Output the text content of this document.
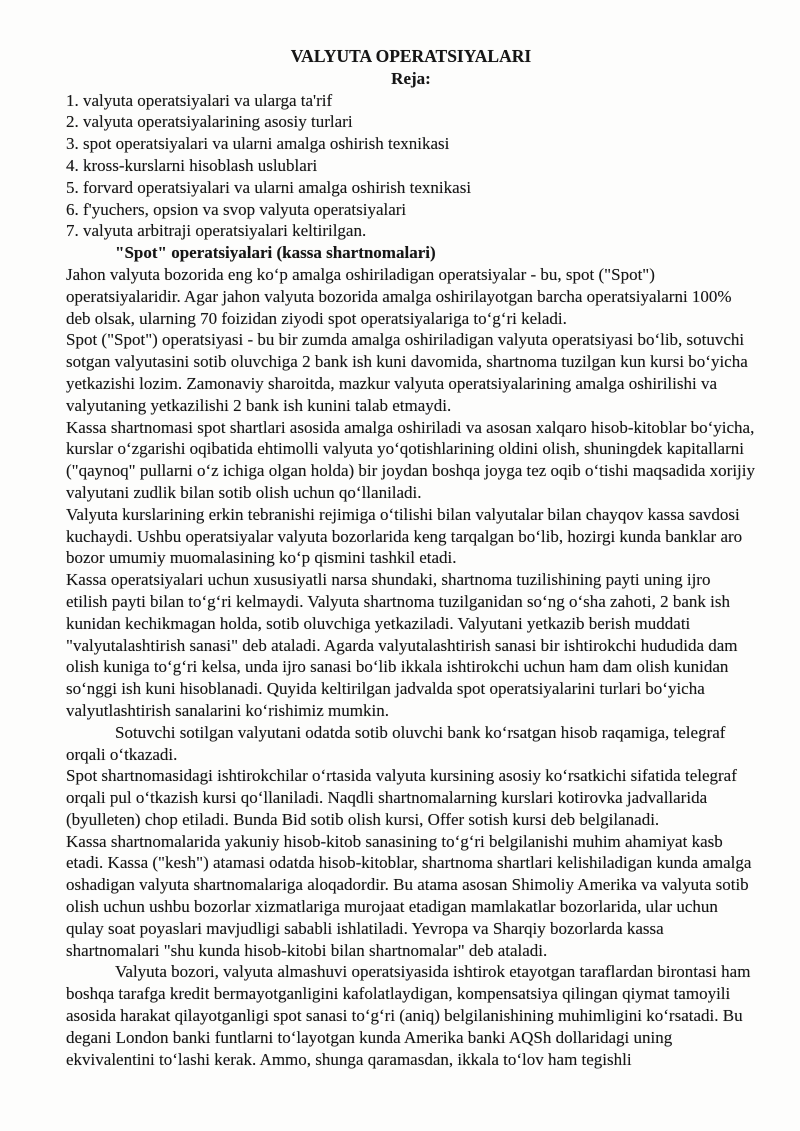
VALYUTA OPERATSIYALARI
Reja:
1. valyuta operatsiyalari va ularga ta'rif
2. valyuta operatsiyalarining asosiy turlari
3. spot operatsiyalari va ularni amalga oshirish texnikasi
4. kross-kurslarni hisoblash uslublari
5. forvard operatsiyalari va ularni amalga oshirish texnikasi
6. f'yuchers, opsion va svop valyuta operatsiyalari
7. valyuta arbitraji operatsiyalari keltirilgan.
"Spot" operatsiyalari (kassa shartnomalari)

Jahon valyuta bozorida eng koʻp amalga oshiriladigan operatsiyalar - bu, spot ("Spot") operatsiyalaridir. Agar jahon valyuta bozorida amalga oshirilayotgan barcha operatsiyalarni 100% deb olsak, ularning 70 foizidan ziyodi spot operatsiyalariga toʻgʻri keladi.

Spot ("Spot") operatsiyasi - bu bir zumda amalga oshiriladigan valyuta operatsiyasi boʻlib, sotuvchi sotgan valyutasini sotib oluvchiga 2 bank ish kuni davomida, shartnoma tuzilgan kun kursi boʻyicha yetkazishi lozim. Zamonaviy sharoitda, mazkur valyuta operatsiyalarining amalga oshirilishi va valyutaning yetkazilishi 2 bank ish kunini talab etmaydi.

Kassa shartnomasi spot shartlari asosida amalga oshiriladi va asosan xalqaro hisob-kitoblar boʻyicha, kurslar oʻzgarishi oqibatida ehtimolli valyuta yoʻqotishlarining oldini olish, shuningdek kapitallarni ("qaynoq" pullarni oʻz ichiga olgan holda) bir joydan boshqa joyga tez oqib oʻtishi maqsadida xorijiy valyutani zudlik bilan sotib olish uchun qoʻllaniladi.

Valyuta kurslarining erkin tebranishi rejimiga oʻtilishi bilan valyutalar bilan chayqov kassa savdosi kuchaydi. Ushbu operatsiyalar valyuta bozorlarida keng tarqalgan boʻlib, hozirgi kunda banklar aro bozor umumiy muomalasining koʻp qismini tashkil etadi.

Kassa operatsiyalari uchun xususiyatli narsa shundaki, shartnoma tuzilishining payti uning ijro etilish payti bilan toʻgʻri kelmaydi. Valyuta shartnoma tuzilganidan soʻng oʻsha zahoti, 2 bank ish kunidan kechikmagan holda, sotib oluvchiga yetkaziladi. Valyutani yetkazib berish muddati "valyutalashtirish sanasi" deb ataladi. Agarda valyutalashtirish sanasi bir ishtirokchi hududida dam olish kuniga toʻgʻri kelsa, unda ijro sanasi boʻlib ikkala ishtirokchi uchun ham dam olish kunidan soʻnggi ish kuni hisoblanadi. Quyida keltirilgan jadvalda spot operatsiyalarini turlari boʻyicha valyutlashtirish sanalarini koʻrishimiz mumkin.

Sotuvchi sotilgan valyutani odatda sotib oluvchi bank koʻrsatgan hisob raqamiga, telegraf orqali oʻtkazadi.

Spot shartnomasidagi ishtirokchilar oʻrtasida valyuta kursining asosiy koʻrsatkichi sifatida telegraf orqali pul oʻtkazish kursi qoʻllaniladi. Naqdli shartnomalarning kurslari kotirovka jadvallarida (byulleten) chop etiladi. Bunda Bid sotib olish kursi, Offer sotish kursi deb belgilanadi.

Kassa shartnomalarida yakuniy hisob-kitob sanasining toʻgʻri belgilanishi muhim ahamiyat kasb etadi. Kassa ("kesh") atamasi odatda hisob-kitoblar, shartnoma shartlari kelishiladigan kunda amalga oshadigan valyuta shartnomalariga aloqadordir. Bu atama asosan Shimoliy Amerika va valyuta sotib olish uchun ushbu bozorlar xizmatlariga murojaat etadigan mamlakatlar bozorlarida, ular uchun qulay soat poyaslari mavjudligi sababli ishlatiladi. Yevropa va Sharqiy bozorlarda kassa shartnomalari "shu kunda hisob-kitobi bilan shartnomalar" deb ataladi.

Valyuta bozori, valyuta almashuvi operatsiyasida ishtirok etayotgan taraflardan birontasi ham boshqa tarafga kredit bermayotganligini kafolatlaydigan, kompensatsiya qilingan qiymat tamoyili asosida harakat qilayotganligi spot sanasi toʻgʻri (aniq) belgilanishining muhimligini koʻrsatadi. Bu degani London banki funtlarni toʻlayotgan kunda Amerika banki AQSh dollaridagi uning ekvivalentini toʻlashi kerak. Ammo, shunga qaramasdan, ikkala toʻlov ham tegishli
